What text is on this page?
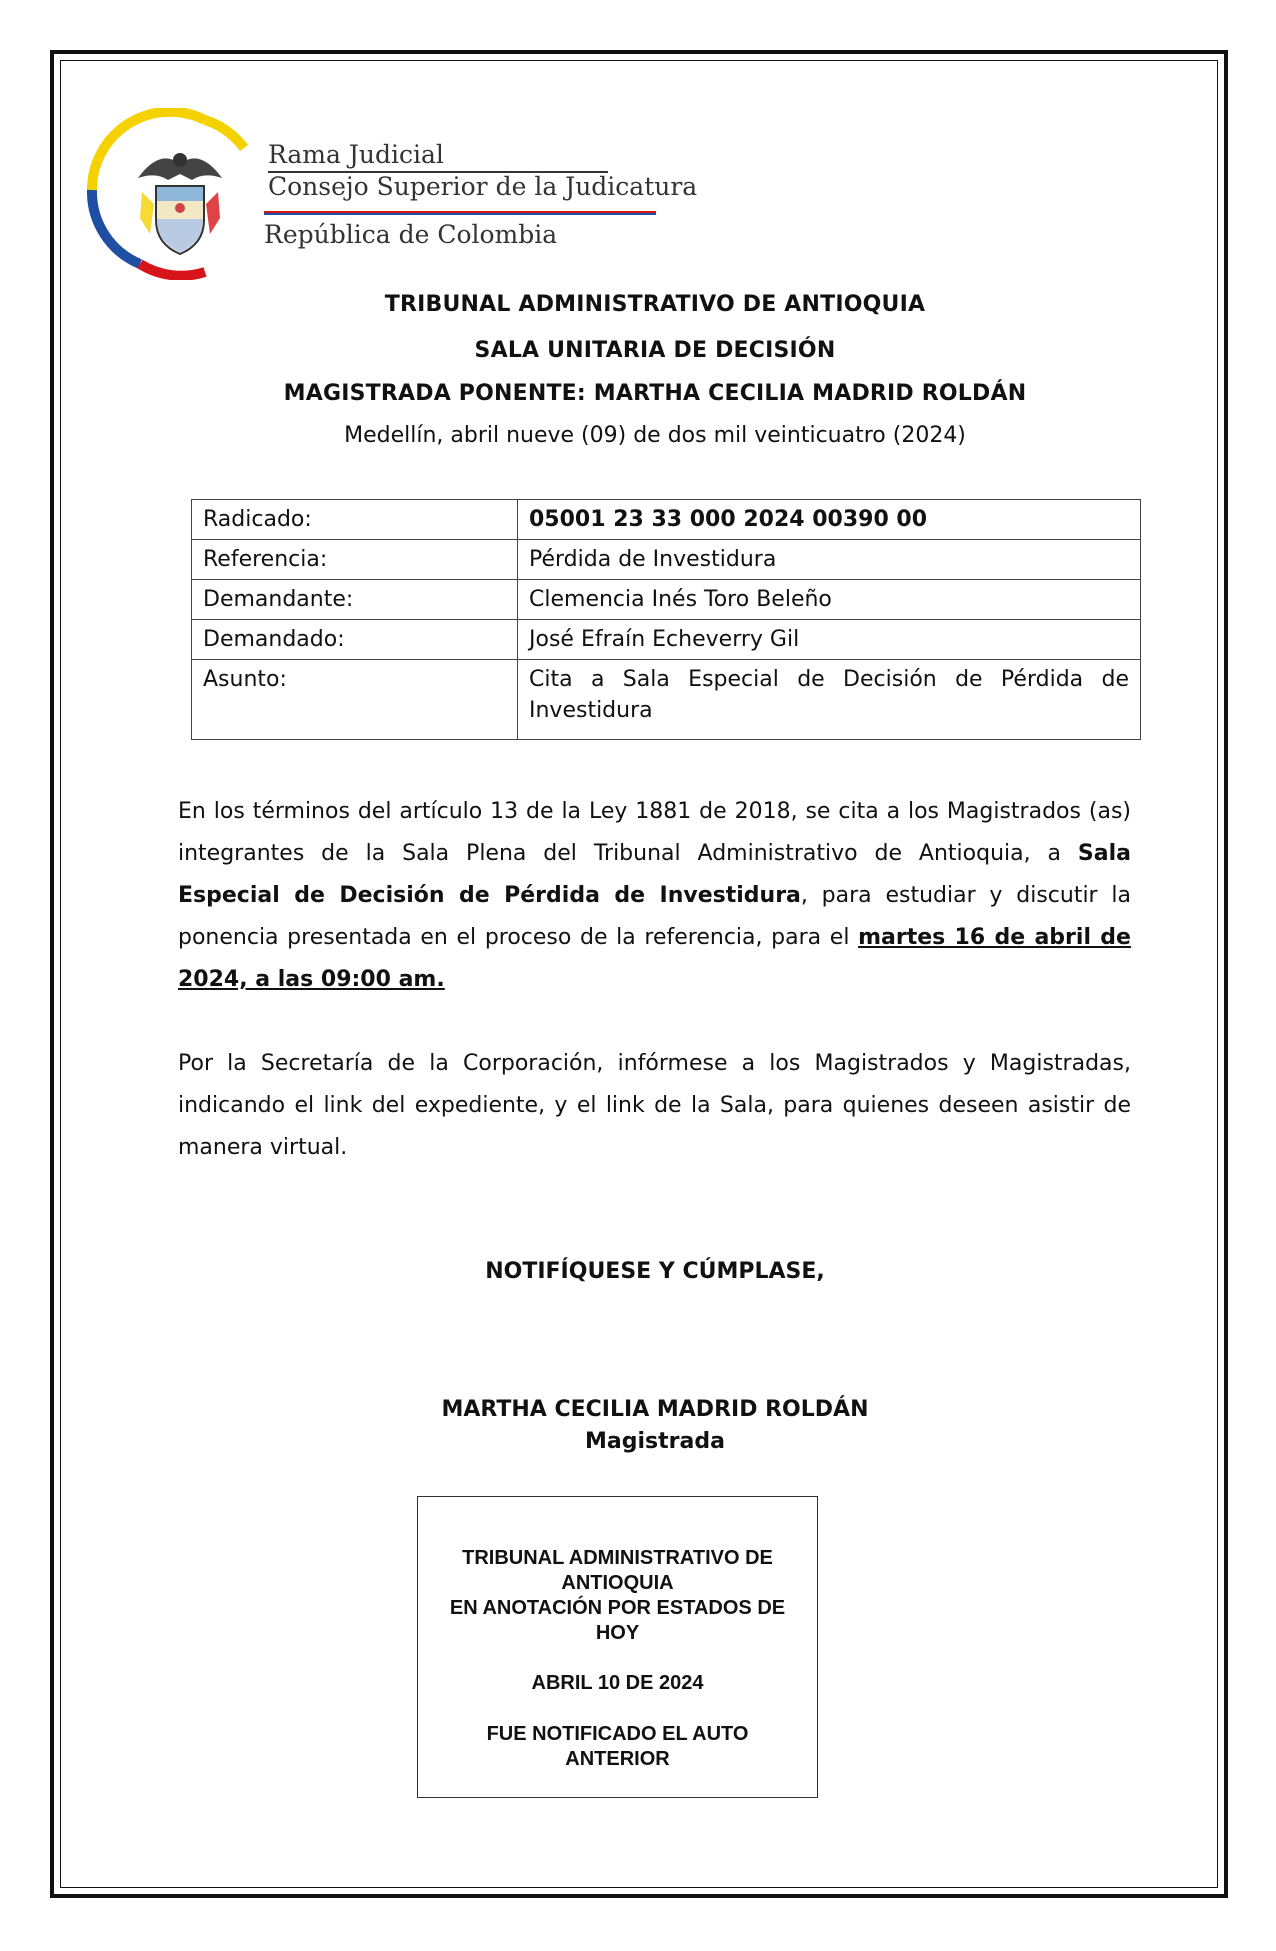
Rama Judicial
Consejo Superior de la Judicatura
República de Colombia
TRIBUNAL ADMINISTRATIVO DE ANTIOQUIA
SALA UNITARIA DE DECISIÓN
MAGISTRADA PONENTE: MARTHA CECILIA MADRID ROLDÁN
Medellín, abril nueve (09) de dos mil veinticuatro (2024)
Radicado:	05001 23 33 000 2024 00390 00
Referencia:	Pérdida de Investidura
Demandante:	Clemencia Inés Toro Beleño
Demandado:	José Efraín Echeverry Gil
Asunto:	Cita a Sala Especial de Decisión de Pérdida de Investidura
En los términos del artículo 13 de la Ley 1881 de 2018, se cita a los Magistrados (as) integrantes de la Sala Plena del Tribunal Administrativo de Antioquia, a Sala Especial de Decisión de Pérdida de Investidura, para estudiar y discutir la ponencia presentada en el proceso de la referencia, para el martes 16 de abril de 2024, a las 09:00 am.
Por la Secretaría de la Corporación, infórmese a los Magistrados y Magistradas, indicando el link del expediente, y el link de la Sala, para quienes deseen asistir de manera virtual.
NOTIFÍQUESE Y CÚMPLASE,
MARTHA CECILIA MADRID ROLDÁN
Magistrada
TRIBUNAL ADMINISTRATIVO DE
ANTIOQUIA
EN ANOTACIÓN POR ESTADOS DE
HOY
ABRIL 10 DE 2024
FUE NOTIFICADO EL AUTO
ANTERIOR
